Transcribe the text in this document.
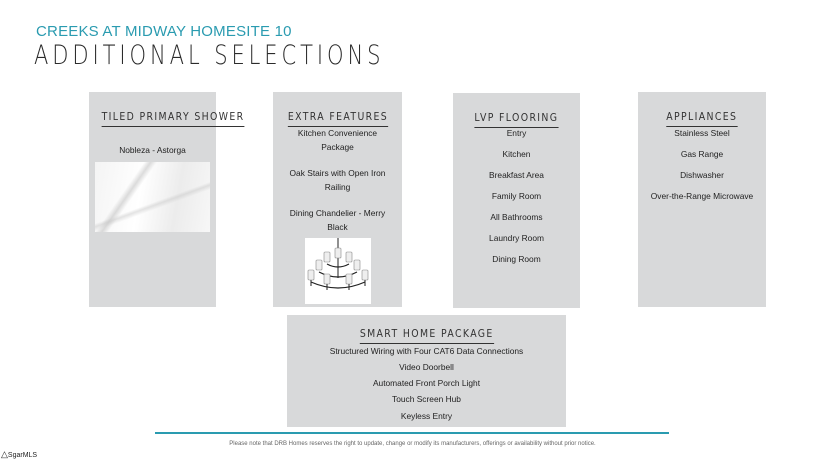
CREEKS AT MIDWAY HOMESITE 10
ADDITIONAL SELECTIONS
TILED PRIMARY SHOWER
Nobleza - Astorga
EXTRA FEATURES
Kitchen Convenience Package
Oak Stairs with Open Iron Railing
Dining Chandelier - Merry Black
LVP FLOORING
Entry
Kitchen
Breakfast Area
Family Room
All Bathrooms
Laundry Room
Dining Room
APPLIANCES
Stainless Steel
Gas Range
Dishwasher
Over-the-Range Microwave
SMART HOME PACKAGE
Structured Wiring with Four CAT6 Data Connections
Video Doorbell
Automated Front Porch Light
Touch Screen Hub
Keyless Entry
Please note that DRB Homes reserves the right to update, change or modify its manufacturers, offerings or availability without prior notice.
△SgarMLS
